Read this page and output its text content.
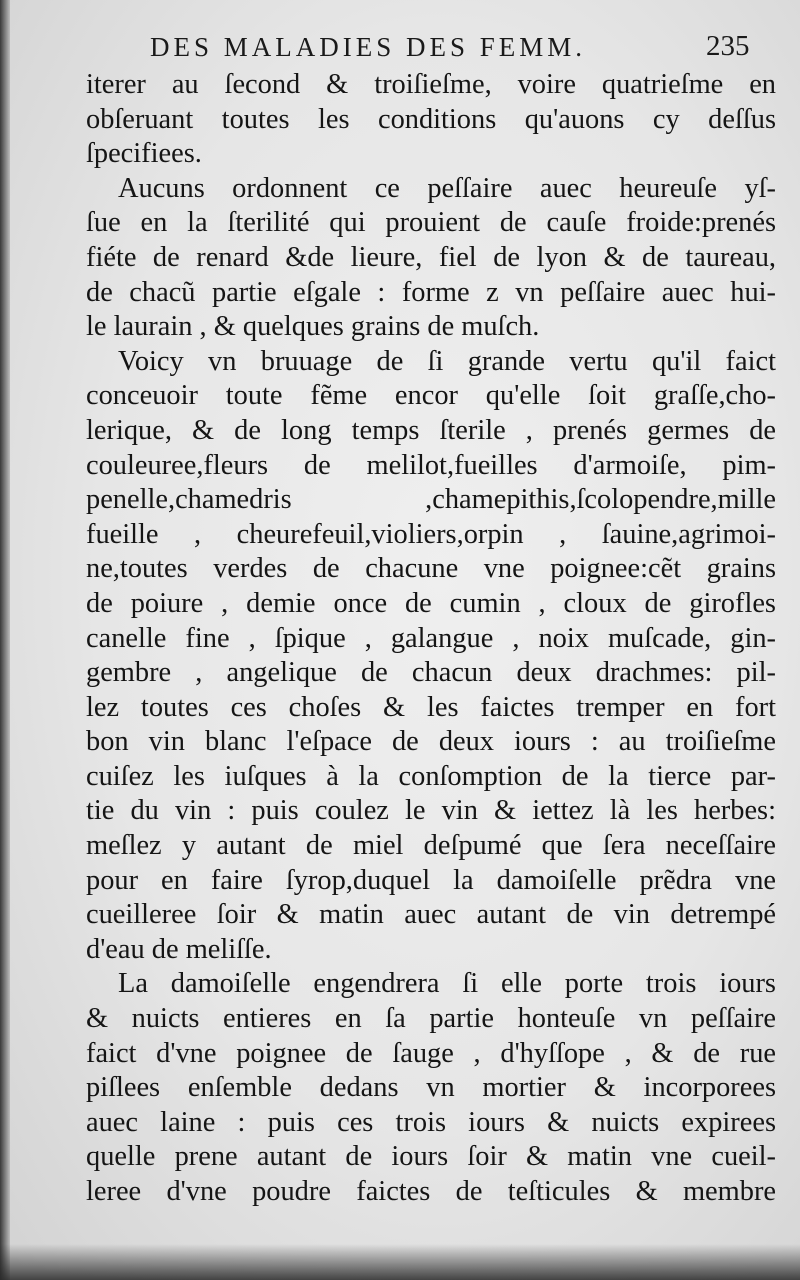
DES MALADIES DES FEMM.	235
iterer au ſecond & troiſieſme, voire quatrieſme en
obſeruant toutes les conditions qu'auons cy deſſus
ſpecifiees.
Aucuns ordonnent ce peſſaire auec heureuſe yſ-
ſue en la ſterilité qui prouient de cauſe froide:prenés
fiéte de renard &de lieure, fiel de lyon & de taureau,
de chacũ partie eſgale : forme z vn peſſaire auec hui-
le laurain , & quelques grains de muſch.
Voicy vn bruuage de ſi grande vertu qu'il faict
conceuoir toute fẽme encor qu'elle ſoit graſſe,cho-
lerique, & de long temps ſterile , prenés germes de
couleuree,fleurs de melilot,fueilles d'armoiſe, pim-
penelle,chamedris ,chamepithis,ſcolopendre,mille
fueille , cheurefeuil,violiers,orpin , ſauine,agrimoi-
ne,toutes verdes de chacune vne poignee:cẽt grains
de poiure , demie once de cumin , cloux de girofles
canelle fine , ſpique , galangue , noix muſcade, gin-
gembre , angelique de chacun deux drachmes: pil-
lez toutes ces choſes & les faictes tremper en fort
bon vin blanc l'eſpace de deux iours : au troiſieſme
cuiſez les iuſques à la conſomption de la tierce par-
tie du vin : puis coulez le vin & iettez là les herbes:
meſlez y autant de miel deſpumé que ſera neceſſaire
pour en faire ſyrop,duquel la damoiſelle prẽdra vne
cueilleree ſoir & matin auec autant de vin detrempé
d'eau de meliſſe.
La damoiſelle engendrera ſi elle porte trois iours
& nuicts entieres en ſa partie honteuſe vn peſſaire
faict d'vne poignee de ſauge , d'hyſſope , & de rue
piſlees enſemble dedans vn mortier & incorporees
auec laine : puis ces trois iours & nuicts expirees
quelle prene autant de iours ſoir & matin vne cueil-
leree d'vne poudre faictes de teſticules & membre
